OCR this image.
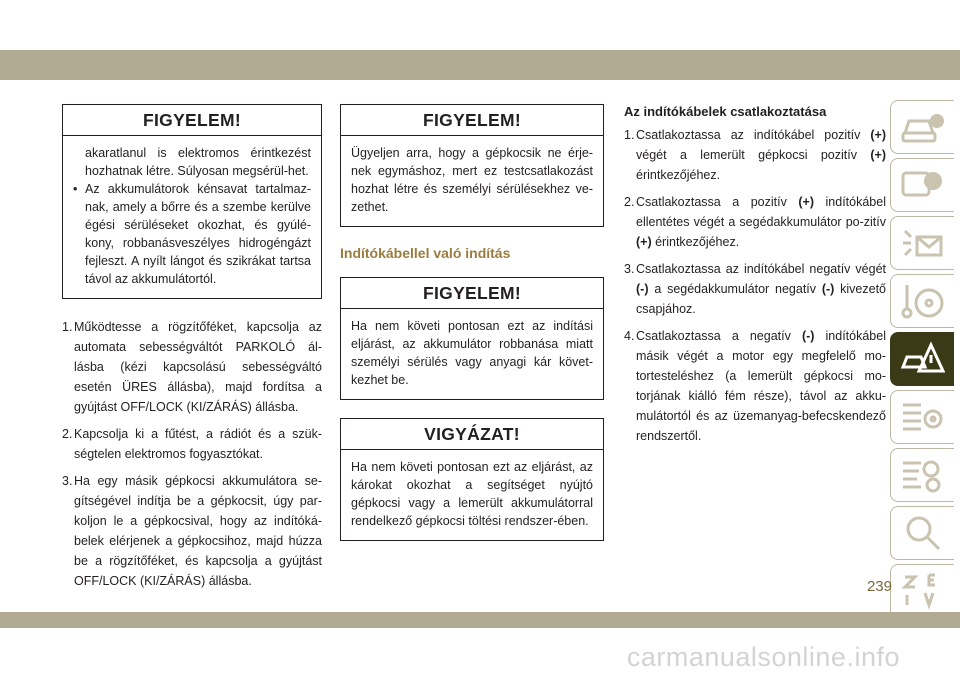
FIGYELEM!

akaratlanul is elektromos érintkezést hozhatnak létre. Súlyosan megsérül-het.

• Az akkumulátorok kénsavat tartalmaz-nak, amely a bőrre és a szembe kerülve égési sérüléseket okozhat, és gyúlé-kony, robbanásveszélyes hidrogéngázt fejleszt. A nyílt lángot és szikrákat tartsa távol az akkumulátortól.

1. Működtesse a rögzítőféket, kapcsolja az automata sebességváltót PARKOLÓ ál-lásba (kézi kapcsolású sebességváltó esetén ÜRES állásba), majd fordítsa a gyújtást OFF/LOCK (KI/ZÁRÁS) állásba.
2. Kapcsolja ki a fűtést, a rádiót és a szük- ségtelen elektromos fogyasztókat.
3. Ha egy másik gépkocsi akkumulátora se- gítségével indítja be a gépkocsit, úgy par-koljon le a gépkocsival, hogy az indítóká-belek elérjenek a gépkocsihoz, majd húzza be a rögzítőféket, és kapcsolja a gyújtást OFF/LOCK (KI/ZÁRÁS) állásba.
FIGYELEM!

Ügyeljen arra, hogy a gépkocsik ne érje-nek egymáshoz, mert ez testcsatlakozást hozhat létre és személyi sérülésekhez ve-zethet.

Indítókábellel való indítás
FIGYELEM!

Ha nem követi pontosan ezt az indítási eljárást, az akkumulátor robbanása miatt személyi sérülés vagy anyagi kár követ-kezhet be.

VIGYÁZAT!

Ha nem követi pontosan ezt az eljárást, az károkat okozhat a segítséget nyújtó gépkocsi vagy a lemerült akkumulátorral rendelkező gépkocsi töltési rendszer-ében.

Az indítókábelek csatlakoztatása
1. Csatlakoztassa az indítókábel pozitív (+) végét a lemerült gépkocsi pozitív (+) érintkezőjéhez.
2. Csatlakoztassa a pozitív (+) indítókábel ellentétes végét a segédakkumulátor po-zitív (+) érintkezőjéhez.
3. Csatlakoztassa az indítókábel negatív végét (-) a segédakkumulátor negatív (-) kivezető csapjához.
4. Csatlakoztassa a negatív (-) indítókábel másik végét a motor egy megfelelő mo-tortesteléshez (a lemerült gépkocsi mo-torjának kiálló fém része), távol az akku-mulátortól és az üzemanyag-befecskendező rendszertől.
239
carmanualsonline.info
